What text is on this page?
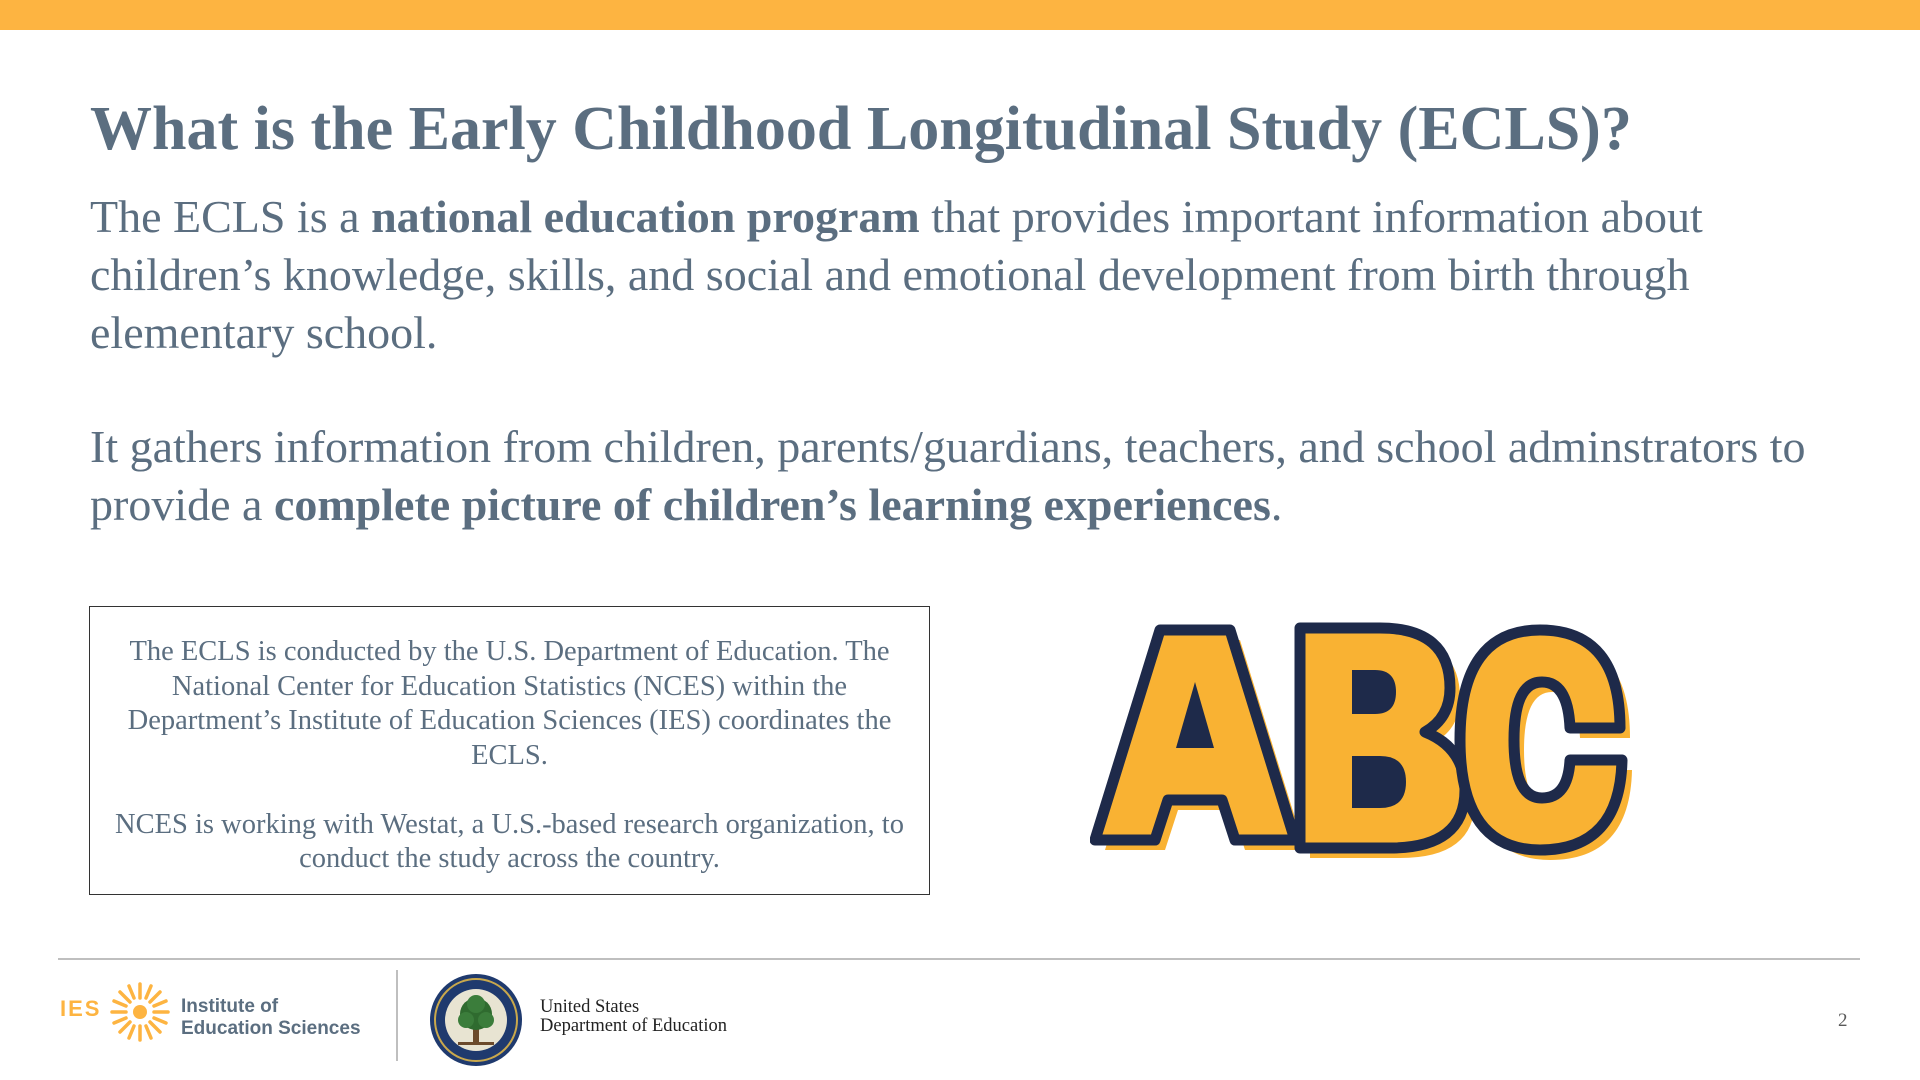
What is the Early Childhood Longitudinal Study (ECLS)?

The ECLS is a national education program that provides important information about children’s knowledge, skills, and social and emotional development from birth through elementary school.

It gathers information from children, parents/guardians, teachers, and school adminstrators to provide a complete picture of children’s learning experiences.

The ECLS is conducted by the U.S. Department of Education. The National Center for Education Statistics (NCES) within the Department’s Institute of Education Sciences (IES) coordinates the ECLS.

NCES is working with Westat, a U.S.-based research organization, to conduct the study across the country.

IES	Institute of
Education Sciences
United States
Department of Education	2
